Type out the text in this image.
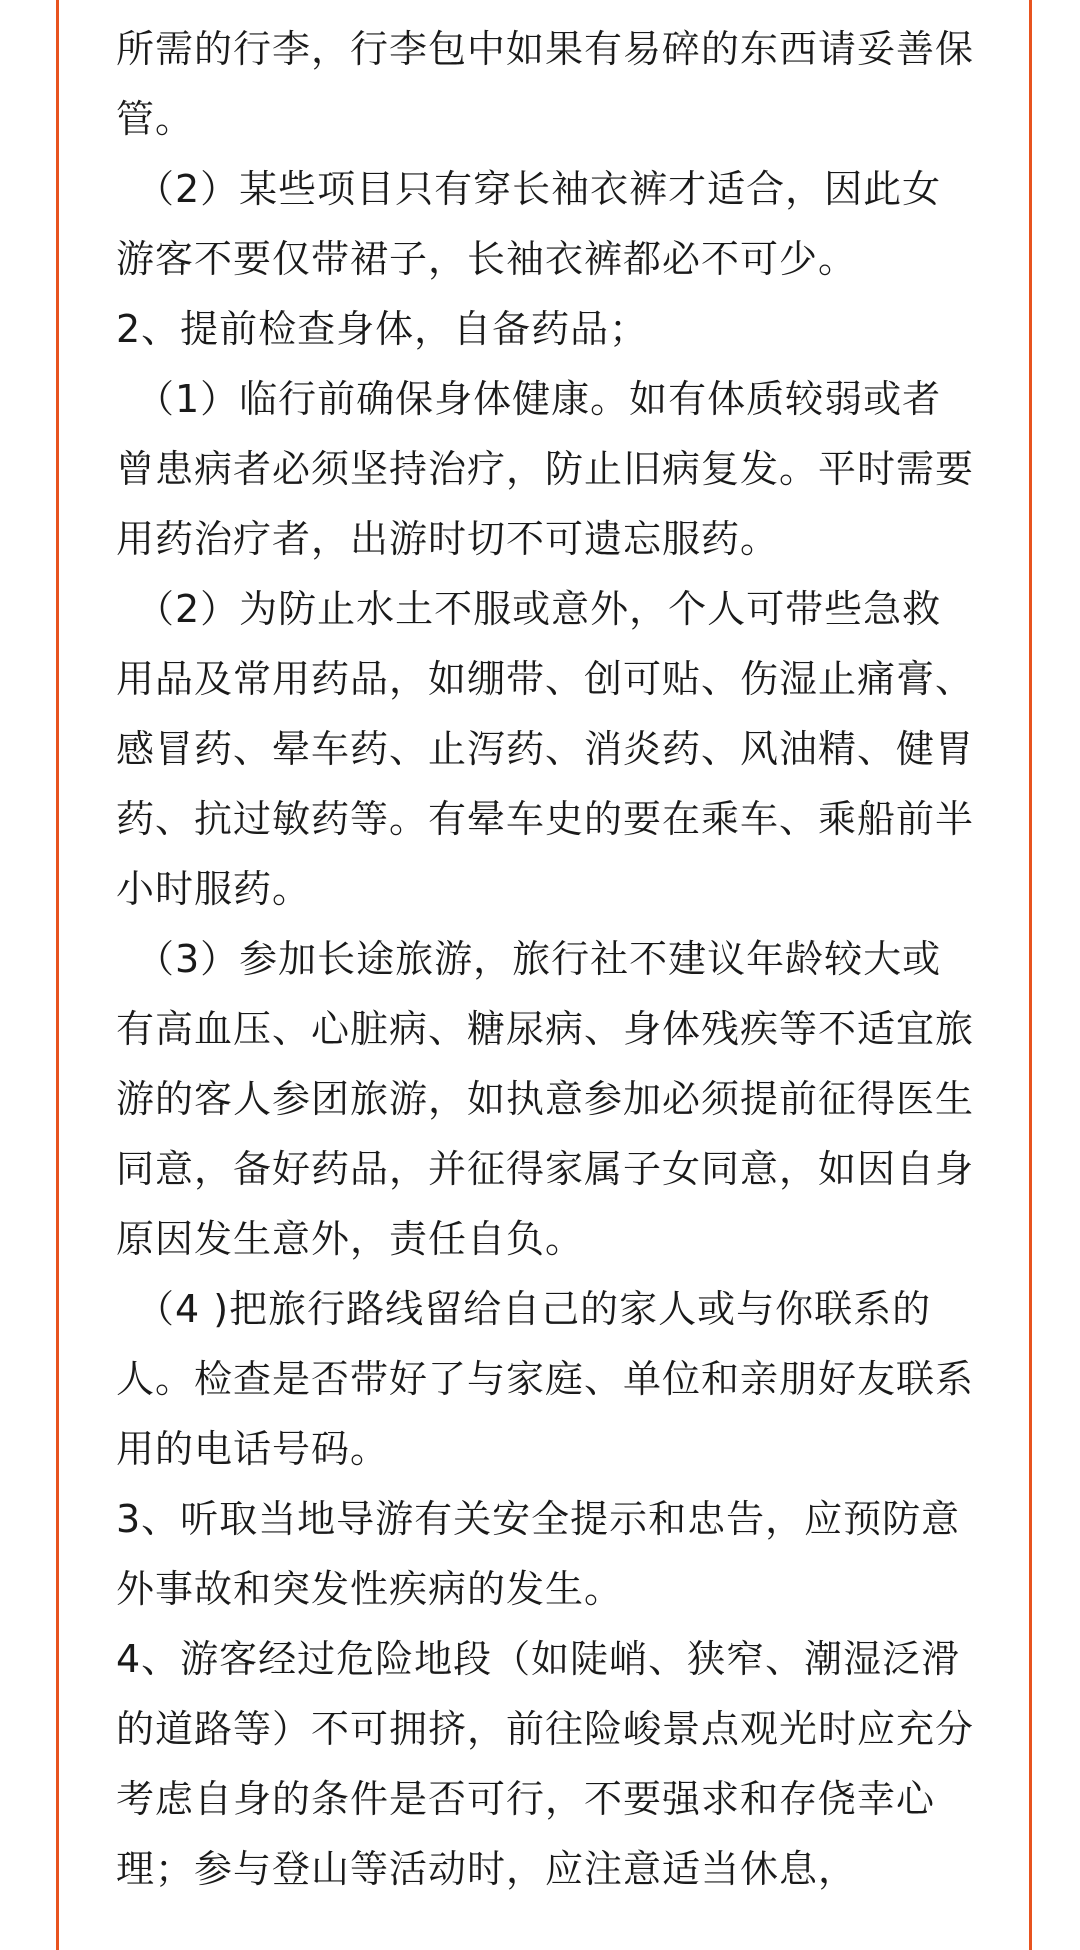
所需的行李，行李包中如果有易碎的东西请妥善保管。

（2）某些项目只有穿长袖衣裤才适合，因此女游客不要仅带裙子，长袖衣裤都必不可少。

2、提前检查身体，自备药品；

（1）临行前确保身体健康。如有体质较弱或者曾患病者必须坚持治疗，防止旧病复发。平时需要用药治疗者，出游时切不可遗忘服药。

（2）为防止水土不服或意外，个人可带些急救用品及常用药品，如绷带、创可贴、伤湿止痛膏、感冒药、晕车药、止泻药、消炎药、风油精、健胃药、抗过敏药等。有晕车史的要在乘车、乘船前半小时服药。

（3）参加长途旅游，旅行社不建议年龄较大或有高血压、心脏病、糖尿病、身体残疾等不适宜旅游的客人参团旅游，如执意参加必须提前征得医生同意，备好药品，并征得家属子女同意，如因自身原因发生意外，责任自负。

（4 )把旅行路线留给自己的家人或与你联系的人。检查是否带好了与家庭、单位和亲朋好友联系用的电话号码。

3、听取当地导游有关安全提示和忠告，应预防意外事故和突发性疾病的发生。

4、游客经过危险地段（如陡峭、狭窄、潮湿泛滑的道路等）不可拥挤，前往险峻景点观光时应充分考虑自身的条件是否可行，不要强求和存侥幸心理；参与登山等活动时，应注意适当休息，
